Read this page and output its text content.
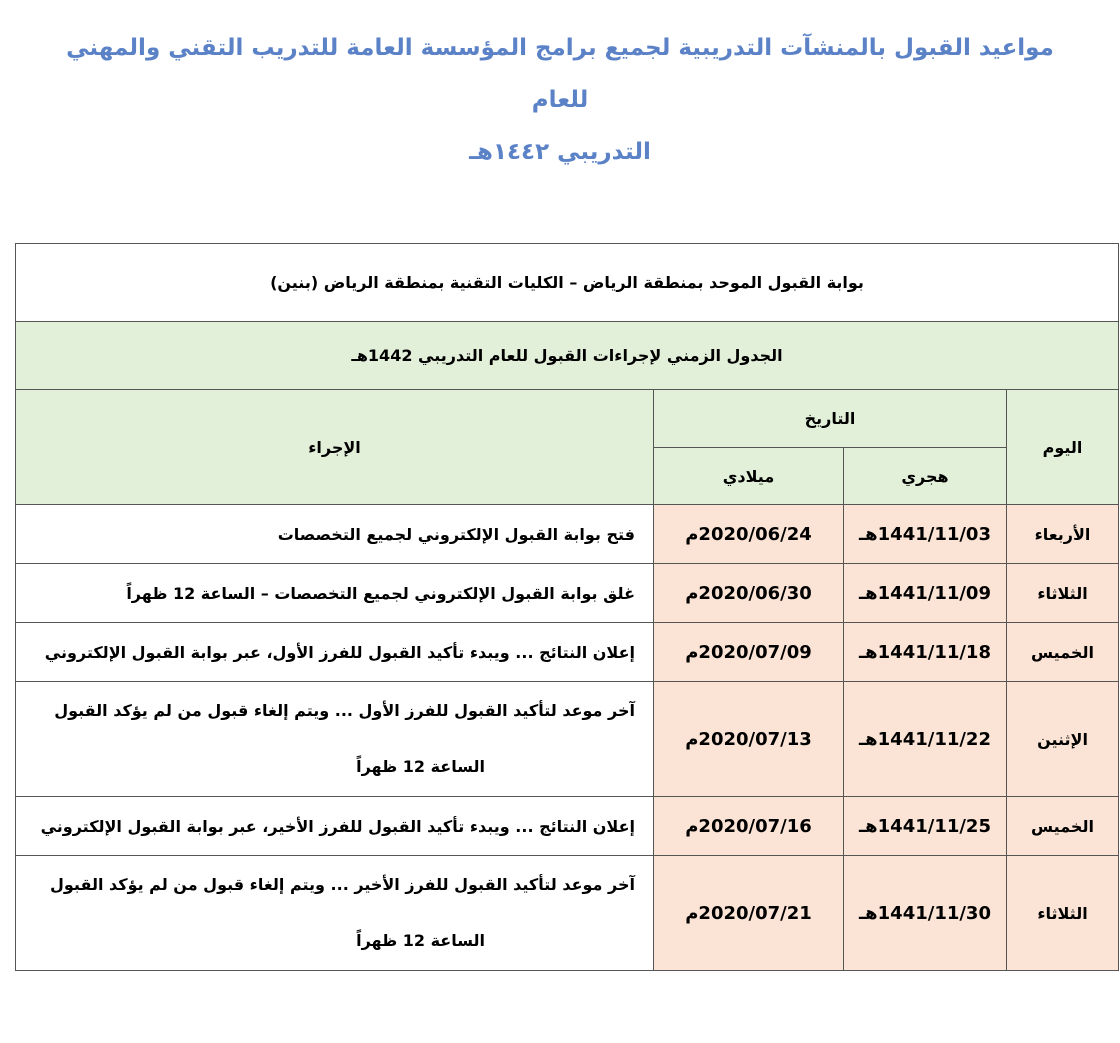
مواعيد القبول بالمنشآت التدريبية لجميع برامج المؤسسة العامة للتدريب التقني والمهني للعام
التدريبي ١٤٤٢هـ
بوابة القبول الموحد بمنطقة الرياض – الكليات التقنية بمنطقة الرياض (بنين)			
الجدول الزمني لإجراءات القبول للعام التدريبي 1442هـ			
اليوم	التاريخ		الإجراء
	هجري	ميلادي	
الأربعاء	1441/11/03هـ	2020/06/24م	فتح بوابة القبول الإلكتروني لجميع التخصصات
الثلاثاء	1441/11/09هـ	2020/06/30م	غلق بوابة القبول الإلكتروني لجميع التخصصات – الساعة 12 ظهراً
الخميس	1441/11/18هـ	2020/07/09م	إعلان النتائج ... ويبدء تأكيد القبول للفرز الأول، عبر بوابة القبول الإلكتروني
الإثنين	1441/11/22هـ	2020/07/13م	آخر موعد لتأكيد القبول للفرز الأول ... ويتم إلغاء قبول من لم يؤكد القبول
الساعة 12 ظهراً

الخميس	1441/11/25هـ	2020/07/16م	إعلان النتائج ... ويبدء تأكيد القبول للفرز الأخير، عبر بوابة القبول الإلكتروني
الثلاثاء	1441/11/30هـ	2020/07/21م	آخر موعد لتأكيد القبول للفرز الأخير ... ويتم إلغاء قبول من لم يؤكد القبول
الساعة 12 ظهراً
